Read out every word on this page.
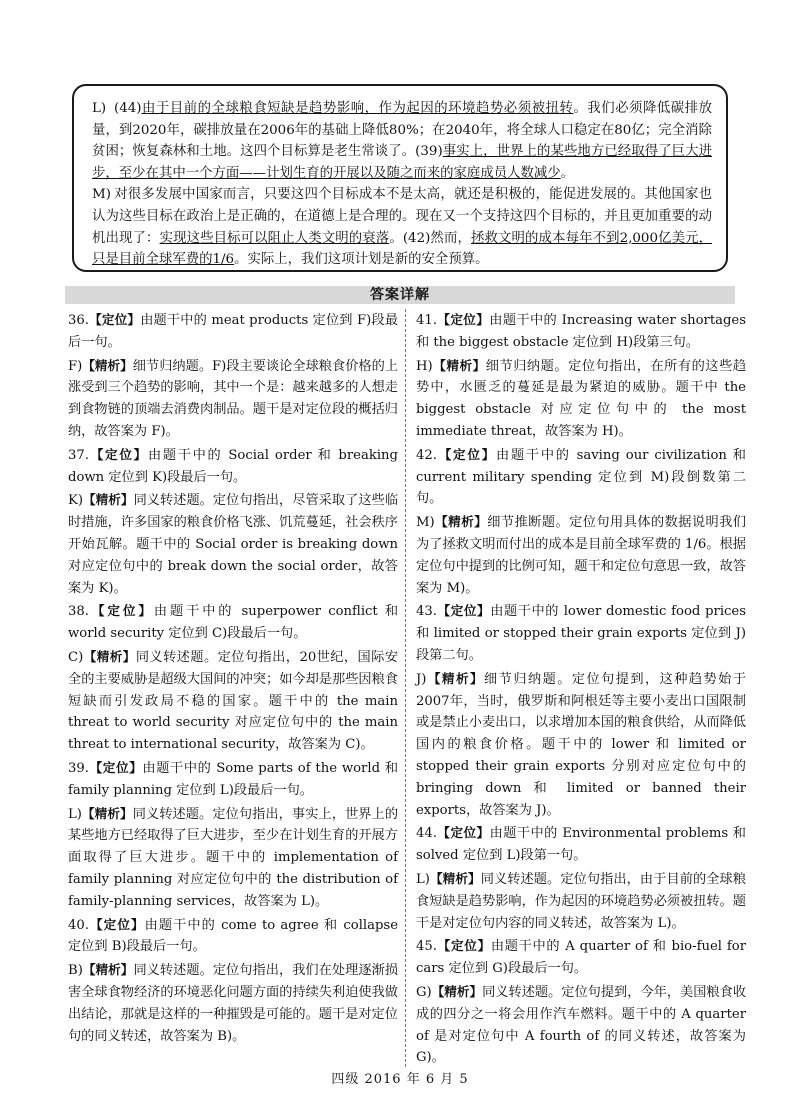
L) (44)由于目前的全球粮食短缺是趋势影响，作为起因的环境趋势必须被扭转。我们必须降低碳排放量，到2020年，碳排放量在2006年的基础上降低80%；在2040年，将全球人口稳定在80亿；完全消除贫困；恢复森林和土地。这四个目标算是老生常谈了。(39)事实上，世界上的某些地方已经取得了巨大进步，至少在其中一个方面——计划生育的开展以及随之而来的家庭成员人数减少。

M) 对很多发展中国家而言，只要这四个目标成本不是太高，就还是积极的，能促进发展的。其他国家也认为这些目标在政治上是正确的，在道德上是合理的。现在又一个支持这四个目标的，并且更加重要的动机出现了：实现这些目标可以阻止人类文明的衰落。(42)然而，拯救文明的成本每年不到2,000亿美元，只是目前全球军费的1/6。实际上，我们这项计划是新的安全预算。

答案详解

36.【定位】由题干中的 meat products 定位到 F)段最后一句。

F)【精析】细节归纳题。F)段主要谈论全球粮食价格的上涨受到三个趋势的影响，其中一个是：越来越多的人想走到食物链的顶端去消费肉制品。题干是对定位段的概括归纳，故答案为 F)。

37.【定位】由题干中的 Social order 和 breaking down 定位到 K)段最后一句。

K)【精析】同义转述题。定位句指出，尽管采取了这些临时措施，许多国家的粮食价格飞涨、饥荒蔓延，社会秩序开始瓦解。题干中的 Social order is breaking down 对应定位句中的 break down the social order，故答案为 K)。

38.【定位】由题干中的 superpower conflict 和 world security 定位到 C)段最后一句。

C)【精析】同义转述题。定位句指出，20世纪，国际安全的主要威胁是超级大国间的冲突；如今却是那些因粮食短缺而引发政局不稳的国家。题干中的 the main threat to world security 对应定位句中的 the main threat to international security，故答案为 C)。

39.【定位】由题干中的 Some parts of the world 和 family planning 定位到 L)段最后一句。

L)【精析】同义转述题。定位句指出，事实上，世界上的某些地方已经取得了巨大进步，至少在计划生育的开展方面取得了巨大进步。题干中的 implementation of family planning 对应定位句中的 the distribution of family-planning services，故答案为 L)。

40.【定位】由题干中的 come to agree 和 collapse 定位到 B)段最后一句。

B)【精析】同义转述题。定位句指出，我们在处理逐渐损害全球食物经济的环境恶化问题方面的持续失利迫使我做出结论，那就是这样的一种摧毁是可能的。题干是对定位句的同义转述，故答案为 B)。

41.【定位】由题干中的 Increasing water shortages 和 the biggest obstacle 定位到 H)段第三句。

H)【精析】细节归纳题。定位句指出，在所有的这些趋势中，水匮乏的蔓延是最为紧迫的威胁。题干中 the biggest obstacle 对应定位句中的 the most immediate threat，故答案为 H)。

42.【定位】由题干中的 saving our civilization 和 current military spending 定位到 M)段倒数第二句。

M)【精析】细节推断题。定位句用具体的数据说明我们为了拯救文明而付出的成本是目前全球军费的 1/6。根据定位句中提到的比例可知，题干和定位句意思一致，故答案为 M)。

43.【定位】由题干中的 lower domestic food prices 和 limited or stopped their grain exports 定位到 J)段第二句。

J)【精析】细节归纳题。定位句提到，这种趋势始于2007年，当时，俄罗斯和阿根廷等主要小麦出口国限制或是禁止小麦出口，以求增加本国的粮食供给，从而降低国内的粮食价格。题干中的 lower 和 limited or stopped their grain exports 分别对应定位句中的 bringing down 和 limited or banned their exports，故答案为 J)。

44.【定位】由题干中的 Environmental problems 和 solved 定位到 L)段第一句。

L)【精析】同义转述题。定位句指出，由于目前的全球粮食短缺是趋势影响，作为起因的环境趋势必须被扭转。题干是对定位句内容的同义转述，故答案为 L)。

45.【定位】由题干中的 A quarter of 和 bio-fuel for cars 定位到 G)段最后一句。

G)【精析】同义转述题。定位句提到，今年，美国粮食收成的四分之一将会用作汽车燃料。题干中的 A quarter of 是对定位句中 A fourth of 的同义转述，故答案为 G)。

四级 2016 年 6 月 5
